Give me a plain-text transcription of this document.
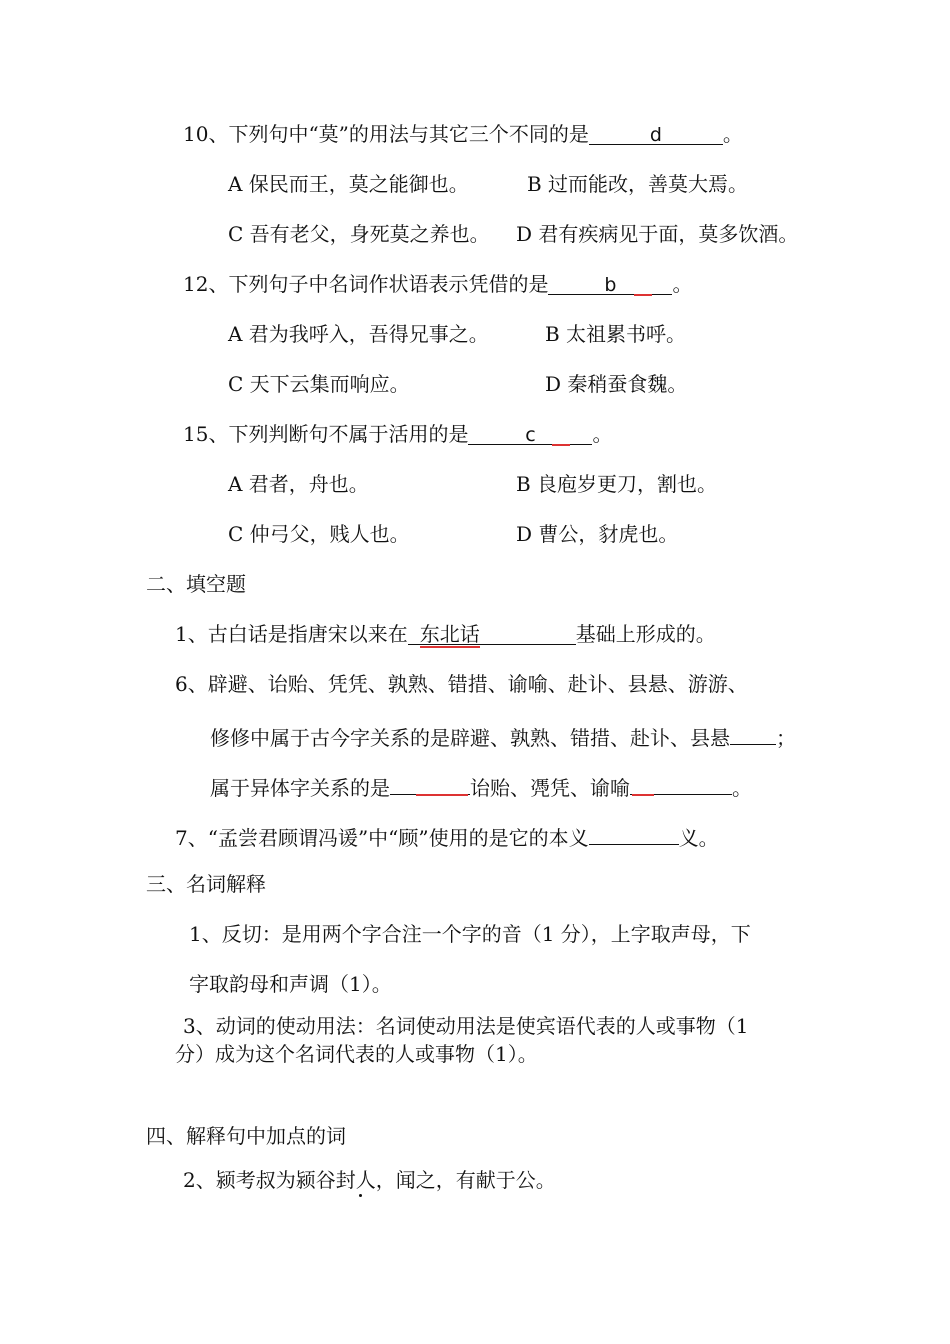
10、下列句中“莫”的用法与其它三个不同的是	d	。
A 保民而王，莫之能御也。	B 过而能改，善莫大焉。
C 吾有老父，身死莫之养也。 D 君有疾病见于面，莫多饮酒。
12、下列句子中名词作状语表示凭借的是	b	。
A 君为我呼入，吾得兄事之。	B 太祖累书呼。
C 天下云集而响应。	D 秦稍蚕食魏。
15、下列判断句不属于活用的是	c	。
A 君者，舟也。	B 良庖岁更刀，割也。
C 仲弓父，贱人也。	D 曹公，豺虎也。
二、填空题
1、古白话是指唐宋以来在 东北话	基础上形成的。
6、辟避、诒贻、凭凭、孰熟、错措、谕喻、赴讣、县悬、游游、
修修中属于古今字关系的是辟避、孰熟、错措、赴讣、县悬 ；
属于异体字关系的是	诒贻、凴凭、谕喻	。
7、“孟尝君顾谓冯谖”中“顾”使用的是它的本义	义。
三、名词解释
1、反切：是用两个字合注一个字的音（1 分），上字取声母，下
字取韵母和声调（1）。
3、动词的使动用法：名词使动用法是使宾语代表的人或事物（1
分）成为这个名词代表的人或事物（1）。
四、解释句中加点的词
2、颍考叔为颍谷封人，闻之，有献于公。
